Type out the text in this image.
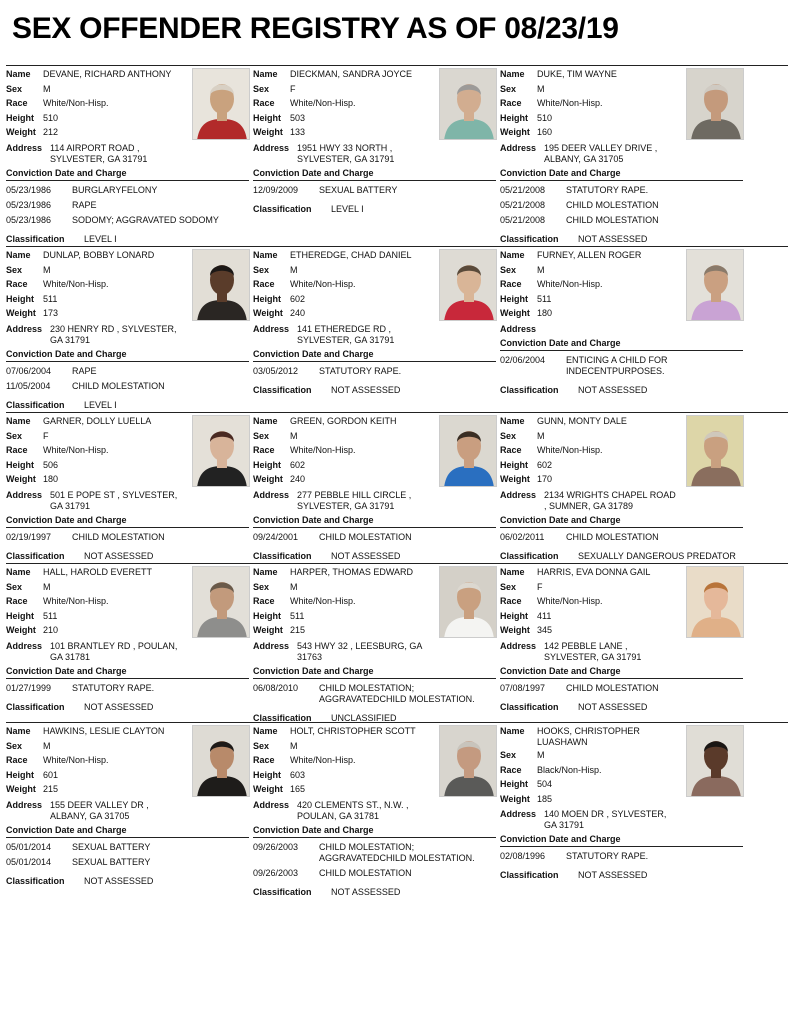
SEX OFFENDER REGISTRY AS OF 08/23/19
Name	DEVANE, RICHARD ANTHONY
Sex	M
Race	White/Non-Hisp.
Height	510
Weight 212
Address 114 AIRPORT ROAD , SYLVESTER, GA 31791
Conviction Date and Charge
05/23/1986	BURGLARYFELONY
05/23/1986	RAPE
05/23/1986	SODOMY; AGGRAVATED SODOMY
Classification	LEVEL I
Name	DIECKMAN, SANDRA JOYCE
Sex	F
Race	White/Non-Hisp.
Height	503
Weight 133
Address 1951 HWY 33 NORTH , SYLVESTER, GA 31791
Conviction Date and Charge
12/09/2009	SEXUAL BATTERY
Classification	LEVEL I
Name	DUKE, TIM WAYNE
Sex	M
Race	White/Non-Hisp.
Height	510
Weight 160
Address 195 DEER VALLEY DRIVE , ALBANY, GA 31705
Conviction Date and Charge
05/21/2008	STATUTORY RAPE.
05/21/2008	CHILD MOLESTATION
05/21/2008	CHILD MOLESTATION
Classification	NOT ASSESSED
Name	DUNLAP, BOBBY LONARD
Sex	M
Race	White/Non-Hisp.
Height	511
Weight 173
Address 230 HENRY RD , SYLVESTER, GA 31791
Conviction Date and Charge
07/06/2004	RAPE
11/05/2004	CHILD MOLESTATION
Classification	LEVEL I
Name	ETHEREDGE, CHAD DANIEL
Sex	M
Race	White/Non-Hisp.
Height	602
Weight 240
Address 141 ETHEREDGE RD , SYLVESTER, GA 31791
Conviction Date and Charge
03/05/2012	STATUTORY RAPE.
Classification	NOT ASSESSED
Name	FURNEY, ALLEN ROGER
Sex	M
Race	White/Non-Hisp.
Height	511
Weight 180
Address
Conviction Date and Charge
02/06/2004	ENTICING A CHILD FOR INDECENTPURPOSES.
Classification	NOT ASSESSED
Name	GARNER, DOLLY LUELLA
Sex	F
Race	White/Non-Hisp.
Height	506
Weight 180
Address 501 E POPE ST , SYLVESTER, GA 31791
Conviction Date and Charge
02/19/1997	CHILD MOLESTATION
Classification	NOT ASSESSED
Name	GREEN, GORDON KEITH
Sex	M
Race	White/Non-Hisp.
Height	602
Weight 240
Address 277 PEBBLE HILL CIRCLE , SYLVESTER, GA 31791
Conviction Date and Charge
09/24/2001	CHILD MOLESTATION
Classification	NOT ASSESSED
Name	GUNN, MONTY DALE
Sex	M
Race	White/Non-Hisp.
Height	602
Weight 170
Address 2134 WRIGHTS CHAPEL ROAD , SUMNER, GA 31789
Conviction Date and Charge
06/02/2011	CHILD MOLESTATION
Classification	SEXUALLY DANGEROUS PREDATOR
Name	HALL, HAROLD EVERETT
Sex	M
Race	White/Non-Hisp.
Height	511
Weight 210
Address 101 BRANTLEY RD , POULAN, GA 31781
Conviction Date and Charge
01/27/1999	STATUTORY RAPE.
Classification	NOT ASSESSED
Name	HARPER, THOMAS EDWARD
Sex	M
Race	White/Non-Hisp.
Height	511
Weight 215
Address 543 HWY 32 , LEESBURG, GA 31763
Conviction Date and Charge
06/08/2010	CHILD MOLESTATION; AGGRAVATEDCHILD MOLESTATION.
Classification	UNCLASSIFIED
Name	HARRIS, EVA DONNA GAIL
Sex	F
Race	White/Non-Hisp.
Height	411
Weight 345
Address 142 PEBBLE LANE , SYLVESTER, GA 31791
Conviction Date and Charge
07/08/1997	CHILD MOLESTATION
Classification	NOT ASSESSED
Name	HAWKINS, LESLIE CLAYTON
Sex	M
Race	White/Non-Hisp.
Height	601
Weight 215
Address 155 DEER VALLEY DR , ALBANY, GA 31705
Conviction Date and Charge
05/01/2014	SEXUAL BATTERY
05/01/2014	SEXUAL BATTERY
Classification	NOT ASSESSED
Name	HOLT, CHRISTOPHER SCOTT
Sex	M
Race	White/Non-Hisp.
Height	603
Weight 165
Address 420 CLEMENTS ST., N.W. , POULAN, GA 31781
Conviction Date and Charge
09/26/2003	CHILD MOLESTATION; AGGRAVATEDCHILD MOLESTATION.
09/26/2003	CHILD MOLESTATION
Classification	NOT ASSESSED
Name	HOOKS, CHRISTOPHER LUASHAWN
Sex	M
Race	Black/Non-Hisp.
Height	504
Weight 185
Address 140 MOEN DR , SYLVESTER, GA 31791
Conviction Date and Charge
02/08/1996	STATUTORY RAPE.
Classification	NOT ASSESSED
